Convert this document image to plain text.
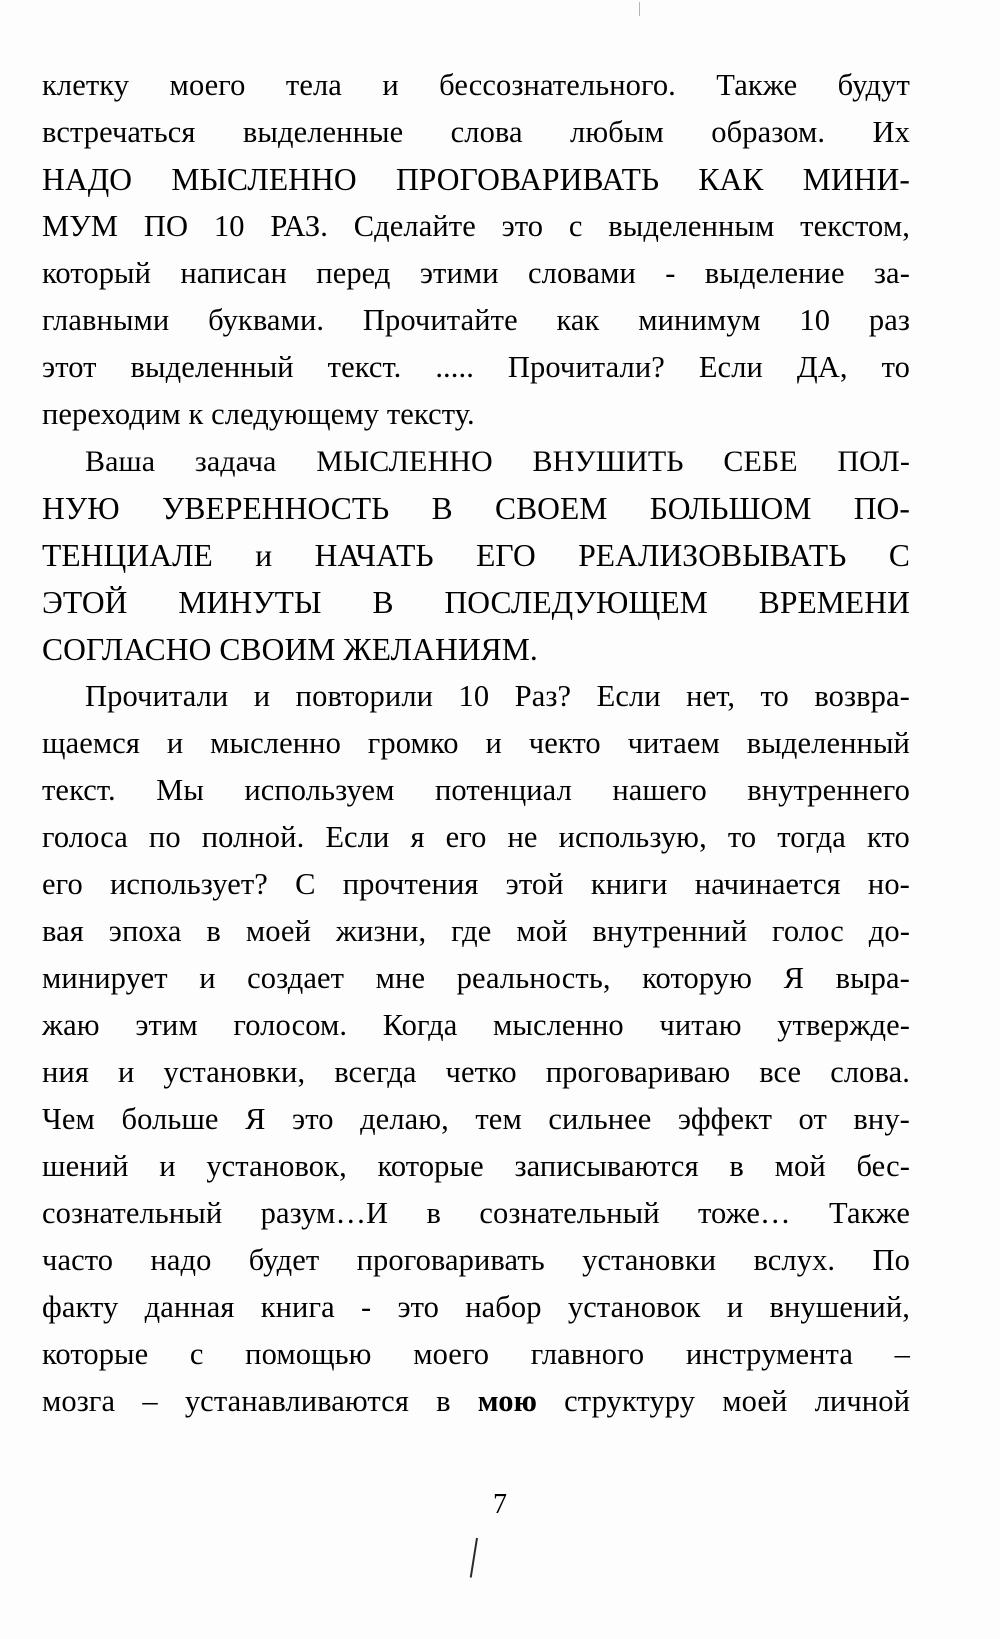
клетку моего тела и бессознательного. Также будут
встречаться выделенные слова любым образом. Их
НАДО МЫСЛЕННО ПРОГОВАРИВАТЬ КАК МИНИ-
МУМ ПО 10 РАЗ. Сделайте это с выделенным текстом,
который написан перед этими словами - выделение за-
главными буквами. Прочитайте как минимум 10 раз
этот выделенный текст. ..... Прочитали? Если ДА, то
переходим к следующему тексту.
Ваша задача МЫСЛЕННО ВНУШИТЬ СЕБЕ ПОЛ-
НУЮ УВЕРЕННОСТЬ В СВОЕМ БОЛЬШОМ ПО-
ТЕНЦИАЛЕ и НАЧАТЬ ЕГО РЕАЛИЗОВЫВАТЬ С
ЭТОЙ МИНУТЫ В ПОСЛЕДУЮЩЕМ ВРЕМЕНИ
СОГЛАСНО СВОИМ ЖЕЛАНИЯМ.
Прочитали и повторили 10 Раз? Если нет, то возвра-
щаемся и мысленно громко и чекто читаем выделенный
текст. Мы используем потенциал нашего внутреннего
голоса по полной. Если я его не использую, то тогда кто
его использует? С прочтения этой книги начинается но-
вая эпоха в моей жизни, где мой внутренний голос до-
минирует и создает мне реальность, которую Я выра-
жаю этим голосом. Когда мысленно читаю утвержде-
ния и установки, всегда четко проговариваю все слова.
Чем больше Я это делаю, тем сильнее эффект от вну-
шений и установок, которые записываются в мой бес-
сознательный разум…И в сознательный тоже… Также
часто надо будет проговаривать установки вслух. По
факту данная книга - это набор установок и внушений,
которые с помощью моего главного инструмента –
мозга – устанавливаются в мою структуру моей личной
7
